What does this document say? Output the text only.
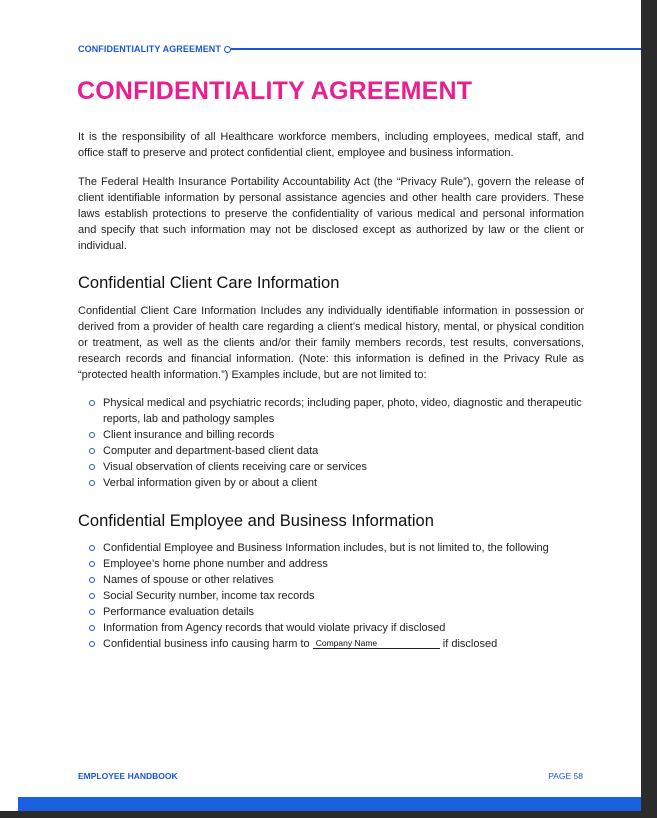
CONFIDENTIALITY AGREEMENT
CONFIDENTIALITY AGREEMENT

It is the responsibility of all Healthcare workforce members, including employees, medical staff, and office staff to preserve and protect confidential client, employee and business information.

The Federal Health Insurance Portability Accountability Act (the “Privacy Rule”), govern the release of client identifiable information by personal assistance agencies and other health care providers. These laws establish protections to preserve the confidentiality of various medical and personal information and specify that such information may not be disclosed except as authorized by law or the client or individual.

Confidential Client Care Information

Confidential Client Care Information Includes any individually identifiable information in possession or derived from a provider of health care regarding a client’s medical history, mental, or physical condition or treatment, as well as the clients and/or their family members records, test results, conversations, research records and financial information. (Note: this information is defined in the Privacy Rule as “protected health information.”) Examples include, but are not limited to:

Physical medical and psychiatric records; including paper, photo, video, diagnostic and therapeutic reports, lab and pathology samples
Client insurance and billing records
Computer and department-based client data
Visual observation of clients receiving care or services
Verbal information given by or about a client
Confidential Employee and Business Information
Confidential Employee and Business Information includes, but is not limited to, the following
Employee’s home phone number and address
Names of spouse or other relatives
Social Security number, income tax records
Performance evaluation details
Information from Agency records that would violate privacy if disclosed
Confidential business info causing harm to Company Name	if disclosed
EMPLOYEE HANDBOOK	PAGE 58
